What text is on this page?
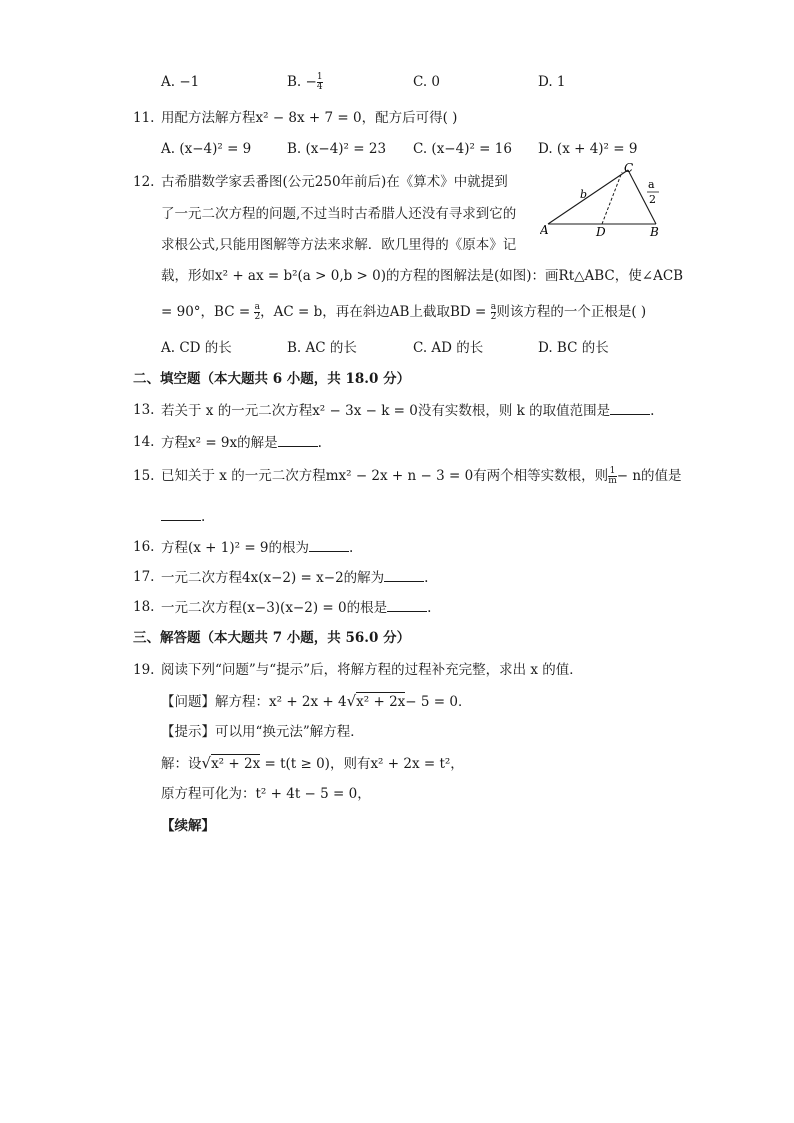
A. −1	B. − $\frac{1}{4}$	C. 0	D. 1
11. 用配方法解方程x² − 8x + 7 = 0，配方后可得( )
A. (x−4)² = 9	B. (x−4)² = 23 C. (x−4)² = 16 D. (x + 4)² = 9
12. 古希腊数学家丢番图(公元250年前后)在《算术》中就提到
了一元二次方程的问题,不过当时古希腊人还没有寻求到它的
求根公式,只能用图解等方法来求解．欧几里得的《原本》记
载，形如x² + ax = b²(a > 0,b > 0)的方程的图解法是(如图)：画Rt△ABC，使∠ACB
= 90°，BC = $\frac{a}{2}$ ，AC = b，再在斜边AB上截取BD = $\frac{a}{2}$ 则该方程的一个正根是( )
A. CD 的长	B. AC 的长	C. AD 的长	D. BC 的长
C
A	D	B
b
a
2
二、填空题（本大题共 6 小题，共 18.0 分）
13. 若关于 x 的一元二次方程x² − 3x − k = 0没有实数根，则 k 的取值范围是	.
14. 方程x² = 9x的解是	.
15. 已知关于 x 的一元二次方程mx² − 2x + n − 3 = 0有两个相等实数根，则 $\frac{1}{m} - n$的值是
.
16. 方程(x + 1)² = 9的根为	.
17. 一元二次方程4x(x−2) = x−2的解为	.
18. 一元二次方程(x−3)(x−2) = 0的根是	.
三、解答题（本大题共 7 小题，共 56.0 分）
19. 阅读下列“问题”与“提示”后，将解方程的过程补充完整，求出 x 的值．
【问题】解方程：x² + 2x + 4√x² + 2x− 5 = 0．
【提示】可以用“换元法”解方程．
解：设√x² + 2x = t(t ≥ 0)，则有x² + 2x = t²，
原方程可化为：t² + 4t − 5 = 0，
【续解】
